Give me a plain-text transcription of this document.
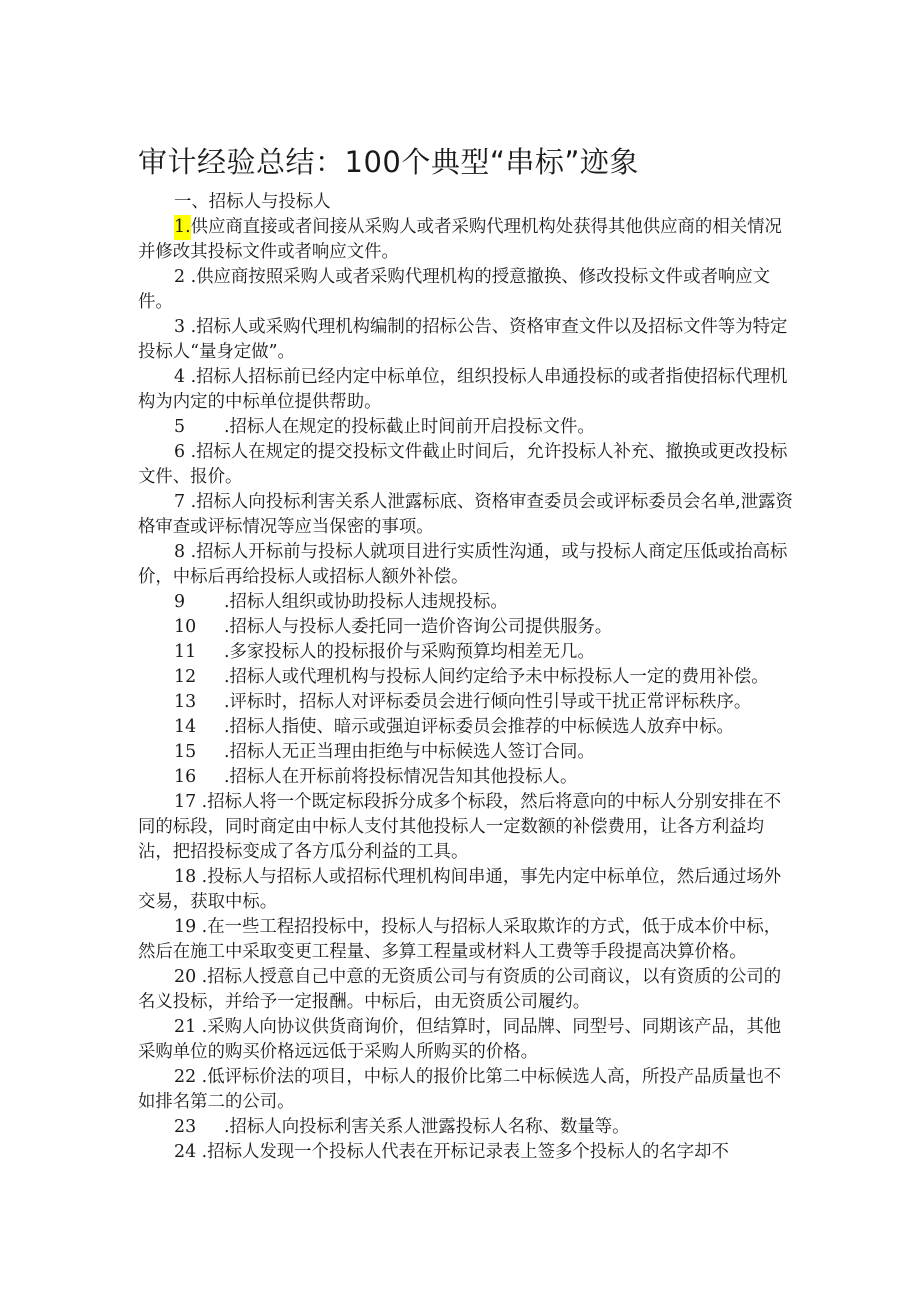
审计经验总结：100个典型“串标”迹象
一、招标人与投标人

1.供应商直接或者间接从采购人或者采购代理机构处获得其他供应商的相关情况并修改其投标文件或者响应文件。

2 .供应商按照采购人或者采购代理机构的授意撤换、修改投标文件或者响应文件。

3 .招标人或采购代理机构编制的招标公告、资格审查文件以及招标文件等为特定投标人“量身定做”。

4 .招标人招标前已经内定中标单位，组织投标人串通投标的或者指使招标代理机构为内定的中标单位提供帮助。

5 .招标人在规定的投标截止时间前开启投标文件。

6 .招标人在规定的提交投标文件截止时间后，允许投标人补充、撤换或更改投标文件、报价。

7 .招标人向投标利害关系人泄露标底、资格审查委员会或评标委员会名单,泄露资格审查或评标情况等应当保密的事项。

8 .招标人开标前与投标人就项目进行实质性沟通，或与投标人商定压低或抬高标价，中标后再给投标人或招标人额外补偿。

9 .招标人组织或协助投标人违规投标。

10 .招标人与投标人委托同一造价咨询公司提供服务。

11 .多家投标人的投标报价与采购预算均相差无几。

12 .招标人或代理机构与投标人间约定给予未中标投标人一定的费用补偿。

13 .评标时，招标人对评标委员会进行倾向性引导或干扰正常评标秩序。

14 .招标人指使、暗示或强迫评标委员会推荐的中标候选人放弃中标。

15 .招标人无正当理由拒绝与中标候选人签订合同。

16 .招标人在开标前将投标情况告知其他投标人。

17 .招标人将一个既定标段拆分成多个标段，然后将意向的中标人分别安排在不同的标段，同时商定由中标人支付其他投标人一定数额的补偿费用，让各方利益均沾，把招投标变成了各方瓜分利益的工具。

18 .投标人与招标人或招标代理机构间串通，事先内定中标单位，然后通过场外交易，获取中标。

19 .在一些工程招投标中，投标人与招标人采取欺诈的方式，低于成本价中标，然后在施工中采取变更工程量、多算工程量或材料人工费等手段提高决算价格。

20 .招标人授意自己中意的无资质公司与有资质的公司商议，以有资质的公司的名义投标，并给予一定报酬。中标后，由无资质公司履约。

21 .采购人向协议供货商询价，但结算时，同品牌、同型号、同期该产品，其他采购单位的购买价格远远低于采购人所购买的价格。

22 .低评标价法的项目，中标人的报价比第二中标候选人高，所投产品质量也不如排名第二的公司。

23 .招标人向投标利害关系人泄露投标人名称、数量等。

24 .招标人发现一个投标人代表在开标记录表上签多个投标人的名字却不
